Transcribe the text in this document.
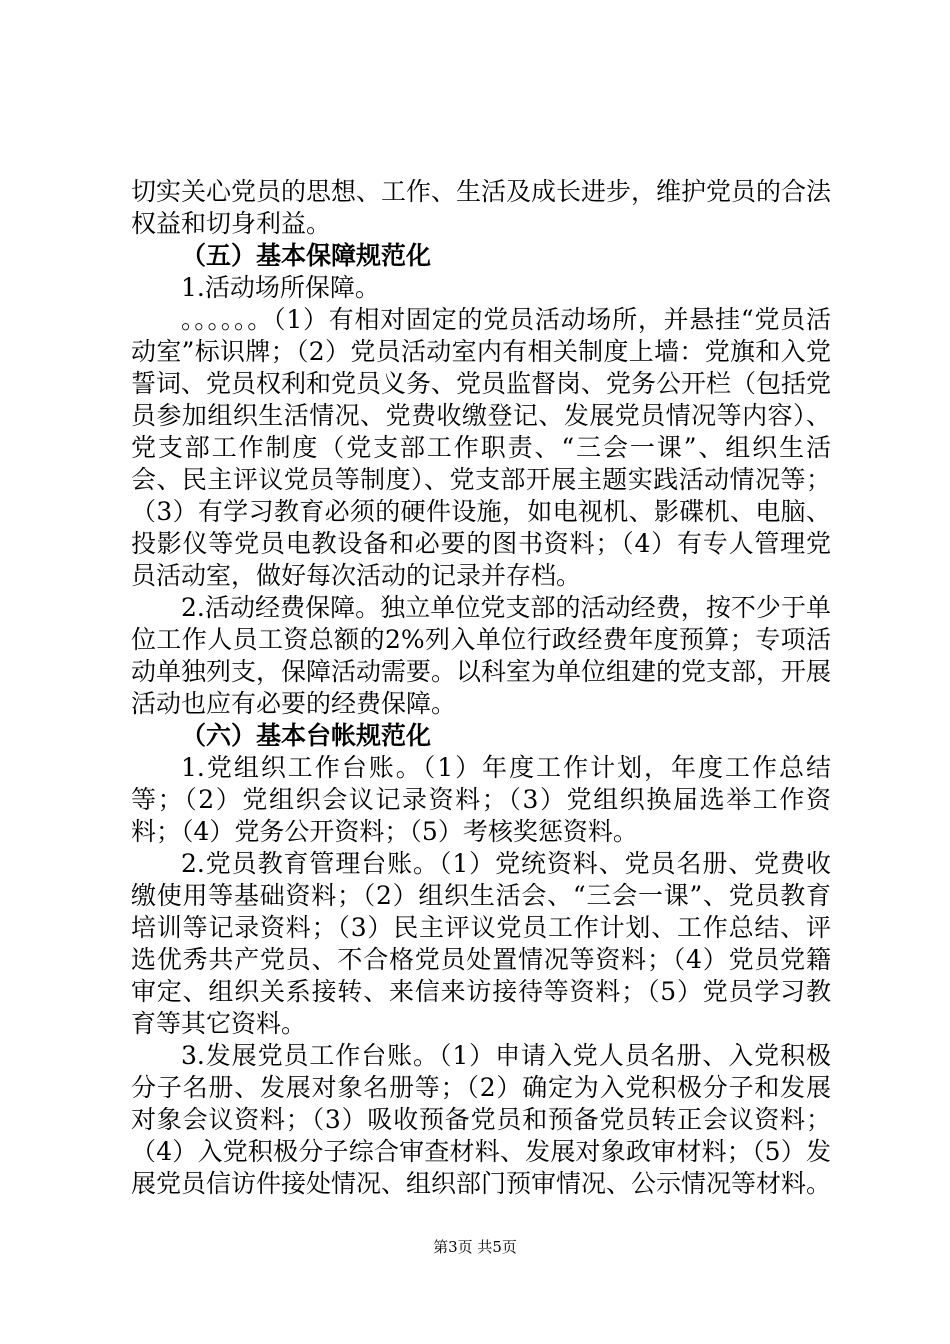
切实关心党员的思想、工作、生活及成长进步，维护党员的合法权益和切身利益。

（五）基本保障规范化

1.活动场所保障。

。。。。。。（1）有相对固定的党员活动场所，并悬挂“党员活动室”标识牌；（2）党员活动室内有相关制度上墙：党旗和入党誓词、党员权利和党员义务、党员监督岗、党务公开栏（包括党员参加组织生活情况、党费收缴登记、发展党员情况等内容）、党支部工作制度（党支部工作职责、“三会一课”、组织生活会、民主评议党员等制度）、党支部开展主题实践活动情况等；（3）有学习教育必须的硬件设施，如电视机、影碟机、电脑、投影仪等党员电教设备和必要的图书资料；（4）有专人管理党员活动室，做好每次活动的记录并存档。

2.活动经费保障。独立单位党支部的活动经费，按不少于单位工作人员工资总额的2%列入单位行政经费年度预算；专项活动单独列支，保障活动需要。以科室为单位组建的党支部，开展活动也应有必要的经费保障。

（六）基本台帐规范化

1.党组织工作台账。（1）年度工作计划，年度工作总结等；（2）党组织会议记录资料；（3）党组织换届选举工作资料；（4）党务公开资料；（5）考核奖惩资料。

2.党员教育管理台账。（1）党统资料、党员名册、党费收缴使用等基础资料；（2）组织生活会、“三会一课”、党员教育培训等记录资料；（3）民主评议党员工作计划、工作总结、评选优秀共产党员、不合格党员处置情况等资料；（4）党员党籍审定、组织关系接转、来信来访接待等资料；（5）党员学习教育等其它资料。

3.发展党员工作台账。（1）申请入党人员名册、入党积极分子名册、发展对象名册等；（2）确定为入党积极分子和发展对象会议资料；（3）吸收预备党员和预备党员转正会议资料；（4）入党积极分子综合审查材料、发展对象政审材料；（5）发展党员信访件接处情况、组织部门预审情况、公示情况等材料。

第3页 共5页
